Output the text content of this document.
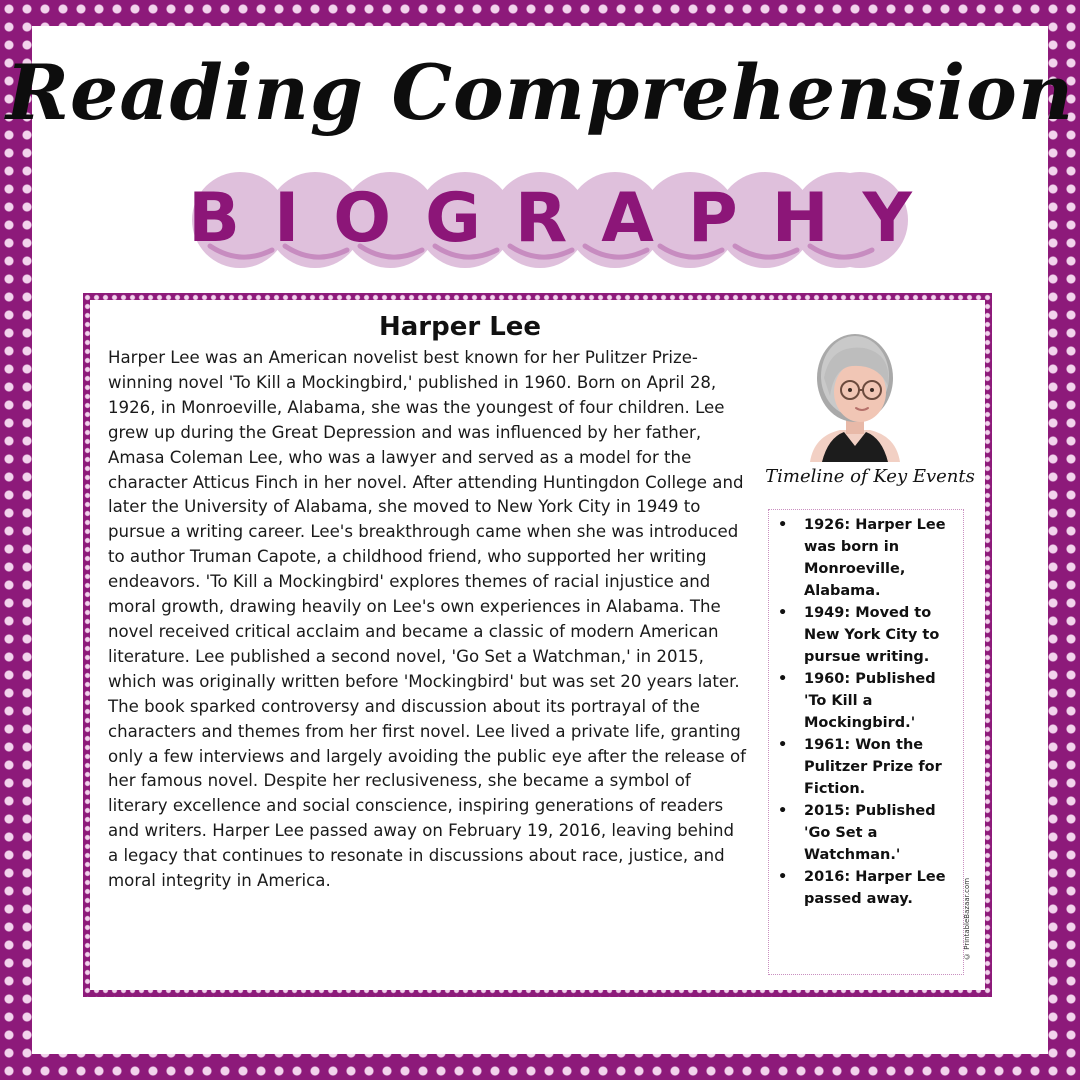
Reading Comprehension
BIOGRAPHY
Harper Lee

Harper Lee was an American novelist best known for her Pulitzer Prize-winning novel 'To Kill a Mockingbird,' published in 1960. Born on April 28, 1926, in Monroeville, Alabama, she was the youngest of four children. Lee grew up during the Great Depression and was influenced by her father, Amasa Coleman Lee, who was a lawyer and served as a model for the character Atticus Finch in her novel. After attending Huntingdon College and later the University of Alabama, she moved to New York City in 1949 to pursue a writing career. Lee's breakthrough came when she was introduced to author Truman Capote, a childhood friend, who supported her writing endeavors. 'To Kill a Mockingbird' explores themes of racial injustice and moral growth, drawing heavily on Lee's own experiences in Alabama. The novel received critical acclaim and became a classic of modern American literature. Lee published a second novel, 'Go Set a Watchman,' in 2015, which was originally written before 'Mockingbird' but was set 20 years later. The book sparked controversy and discussion about its portrayal of the characters and themes from her first novel. Lee lived a private life, granting only a few interviews and largely avoiding the public eye after the release of her famous novel. Despite her reclusiveness, she became a symbol of literary excellence and social conscience, inspiring generations of readers and writers. Harper Lee passed away on February 19, 2016, leaving behind a legacy that continues to resonate in discussions about race, justice, and moral integrity in America.

Timeline of Key Events
• 1926: Harper Lee was born in Monroeville, Alabama.
• 1949: Moved to New York City to pursue writing.
• 1960: Published 'To Kill a Mockingbird.'
• 1961: Won the Pulitzer Prize for Fiction.
• 2015: Published 'Go Set a Watchman.'
• 2016: Harper Lee passed away.	© PrintableBazaar.com
